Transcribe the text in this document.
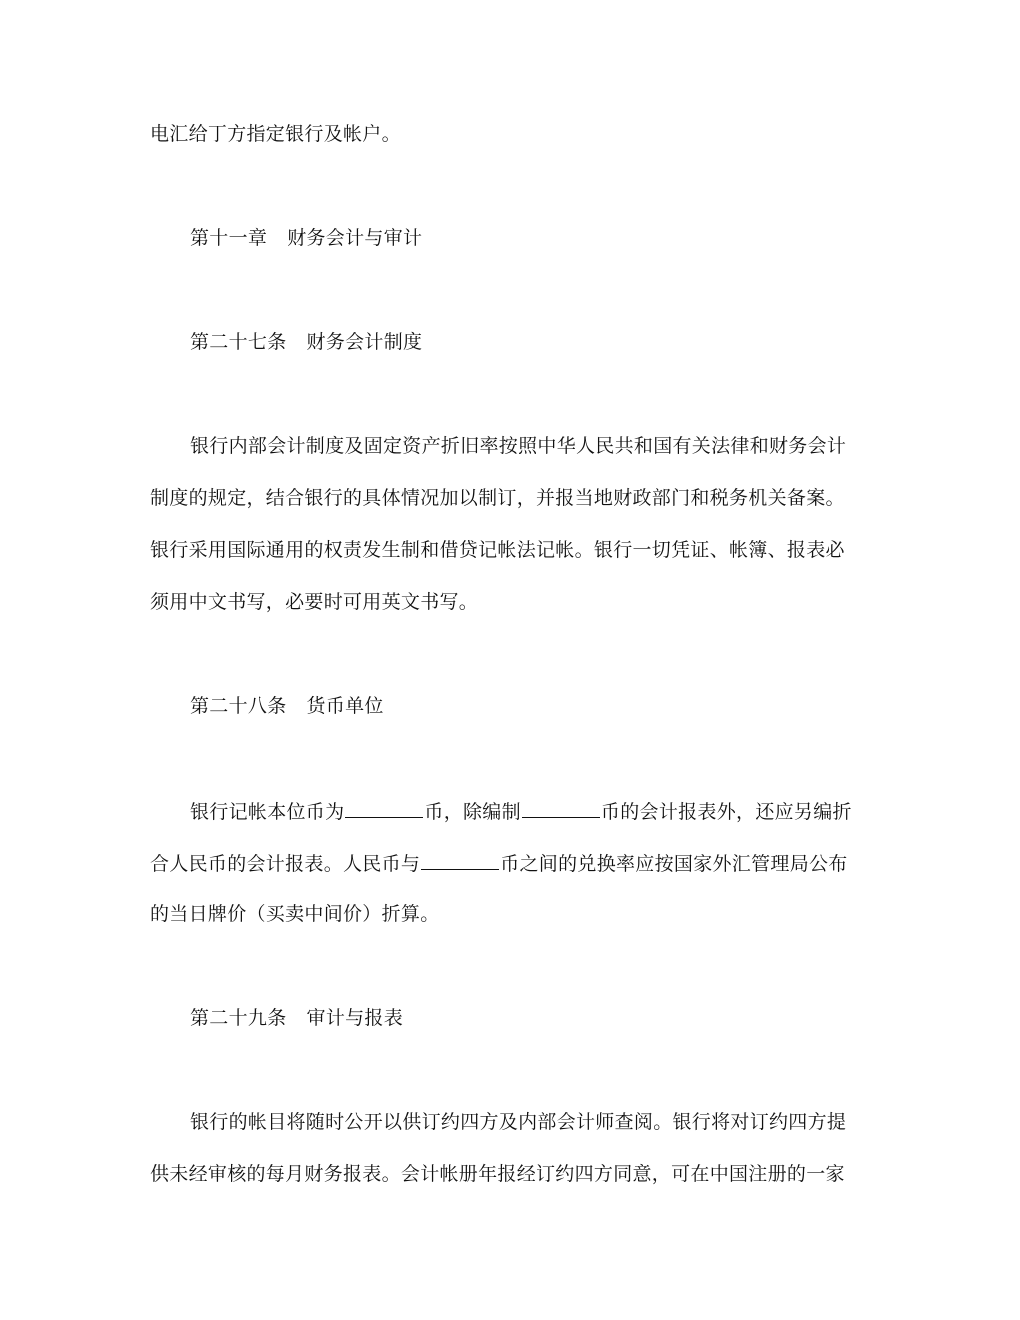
电汇给丁方指定银行及帐户。
第十一章 财务会计与审计
第二十七条 财务会计制度
银行内部会计制度及固定资产折旧率按照中华人民共和国有关法律和财务会计
制度的规定，结合银行的具体情况加以制订，并报当地财政部门和税务机关备案。
银行采用国际通用的权责发生制和借贷记帐法记帐。银行一切凭证、帐簿、报表必
须用中文书写，必要时可用英文书写。
第二十八条 货币单位
银行记帐本位币为	币，除编制	币的会计报表外，还应另编折
合人民币的会计报表。人民币与	币之间的兑换率应按国家外汇管理局公布
的当日牌价（买卖中间价）折算。
第二十九条 审计与报表
银行的帐目将随时公开以供订约四方及内部会计师查阅。银行将对订约四方提
供未经审核的每月财务报表。会计帐册年报经订约四方同意，可在中国注册的一家
